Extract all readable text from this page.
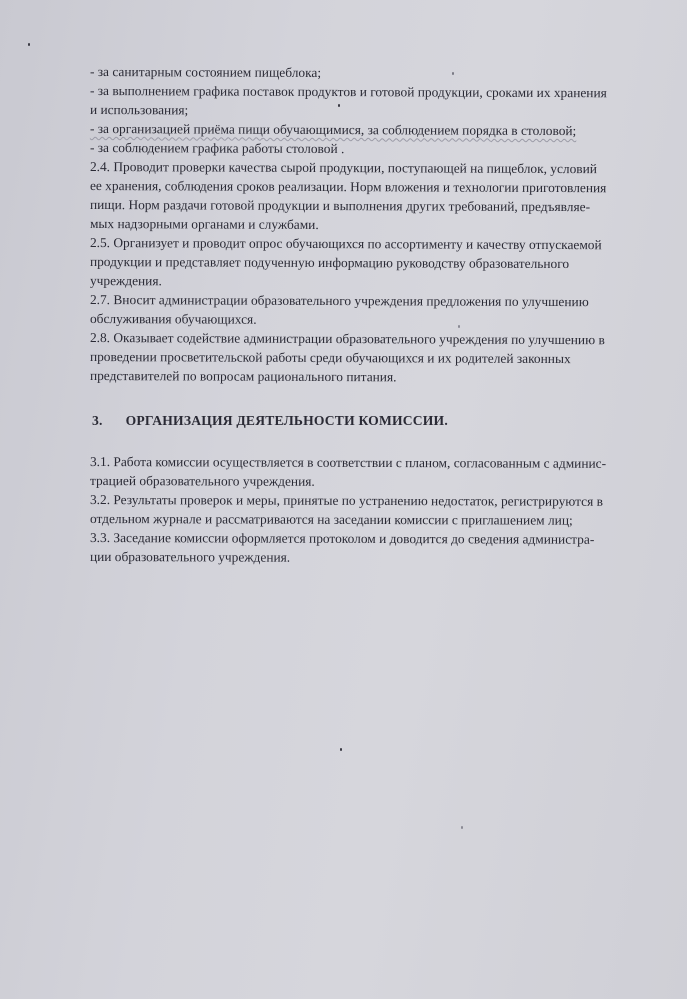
- за санитарным состоянием пищеблока;
- за выполнением графика поставок продуктов и готовой продукции, сроками их хранения
и использования;
- за организацией приёма пищи обучающимися, за соблюдением порядка в столовой;
- за соблюдением графика работы столовой .
2.4. Проводит проверки качества сырой продукции, поступающей на пищеблок, условий
ее хранения, соблюдения сроков реализации. Норм вложения и технологии приготовления
пищи. Норм раздачи готовой продукции и выполнения других требований, предъявляе-
мых надзорными органами и службами.
2.5. Организует и проводит опрос обучающихся по ассортименту и качеству отпускаемой
продукции и представляет подученную информацию руководству образовательного
учреждения.
2.7. Вносит администрации образовательного учреждения предложения по улучшению
обслуживания обучающихся.
2.8. Оказывает содействие администрации образовательного учреждения по улучшению в
проведении просветительской работы среди обучающихся и их родителей законных
представителей по вопросам рационального питания.
3. ОРГАНИЗАЦИЯ ДЕЯТЕЛЬНОСТИ КОМИССИИ.
3.1. Работа комиссии осуществляется в соответствии с планом, согласованным с админис-
трацией образовательного учреждения.
3.2. Результаты проверок и меры, принятые по устранению недостаток, регистрируются в
отдельном журнале и рассматриваются на заседании комиссии с приглашением лиц;
3.3. Заседание комиссии оформляется протоколом и доводится до сведения администра-
ции образовательного учреждения.
